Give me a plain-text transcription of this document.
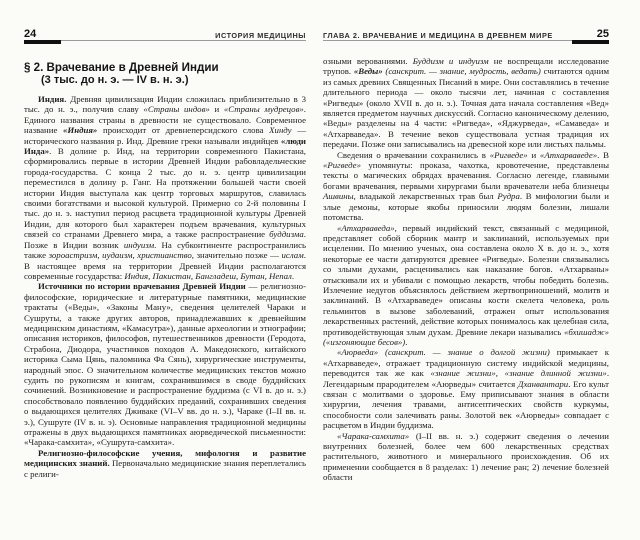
24	ИСТОРИЯ МЕДИЦИНЫ
§ 2. Врачевание в Древней Индии
(3 тыс. до н. э. — IV в. н. э.)

Индия. Древняя цивилизация Индии сложилась приблизительно в 3 тыс. до н. э., получив славу «Страны индов» и «Страны мудрецов». Единого названия страны в древности не существовало. Современное название «Индия» происходит от древнеперсидского слова Хинду — исторического названия р. Инд. Древние греки называли индийцев «люди Инда». В долине р. Инд, на территории современного Пакистана, сформировались первые в истории Древней Индии рабовладельческие города-государства. С конца 2 тыс. до н. э. центр цивилизации переместился в долину р. Ганг. На протяжении большей части своей истории Индия выступала как центр торговых маршрутов, славилась своими богатствами и высокой культурой. Примерно со 2-й половины I тыс. до н. э. наступил период расцвета традиционной культуры Древней Индии, для которого был характерен подъем врачевания, культурных связей со странами Древнего мира, а также распространение буддизма. Позже в Индии возник индуизм. На субконтиненте распространились также зороастризм, иудаизм, христианство, значительно позже — ислам. В настоящее время на территории Древней Индии располагаются современные государства: Индия, Пакистан, Бангладеш, Бутан, Непал.

Источники по истории врачевания Древней Индии — религиозно-философские, юридические и литературные памятники, медицинские трактаты («Веды», «Законы Ману», сведения целителей Чараки и Сушруты, а также других авторов, принадлежавших к древнейшим медицинским династиям, «Камасутра»), данные археологии и этнографии; описания историков, философов, путешественников древности (Геродота, Страбона, Диодора, участников походов А. Македонского, китайского историка Сыма Цянь, паломника Фа Сянь), хирургические инструменты, народный эпос. О значительном количестве медицинских текстов можно судить по рукописям и книгам, сохранившимся в своде буддийских сочинений. Возникновение и распространение буддизма (с VI в. до н. э.) способствовало появлению буддийских преданий, сохранивших сведения о выдающихся целителях Дживаке (VI–V вв. до н. э.), Чараке (I–II вв. н. э.), Сушруте (IV в. н. э). Основные направления традиционной медицины отражены в двух выдающихся памятниках аюрведической письменности: «Чарака-самхита», «Сушрута-самхита».

Религиозно-философские учения, мифология и развитие медицинских знаний. Первоначально медицинские знания переплетались с религи-

ГЛАВА 2. ВРАЧЕВАНИЕ И МЕДИЦИНА В ДРЕВНЕМ МИРЕ	25

озными верованиями. Буддизм и индуизм не воспрещали исследование трупов. «Веды» (санскрит. — знание, мудрость, ведать) считаются одним из самых древних Священных Писаний в мире. Они составлялись в течение длительного периода — около тысячи лет, начиная с составления «Ригведы» (около XVII в. до н. э.). Точная дата начала составления «Вед» является предметом научных дискуссий. Согласно каноническому делению, «Веды» разделены на 4 части: «Ригведа», «Яджурведа», «Самаведа» и «Атхарваведа». В течение веков существовала устная традиция их передачи. Позже они записывались на древесной коре или листьях пальмы.

Сведения о врачевании сохранились в «Ригведе» и «Атхарваведе». В «Ригведе» упомянуты: проказа, чахотка, кровотечение, представлены тексты о магических обрядах врачевания. Согласно легенде, главными богами врачевания, первыми хирургами были врачеватели неба близнецы Ашвины, владыкой лекарственных трав был Рудра. В мифологии были и злые демоны, которые якобы приносили людям болезни, лишали потомства.

«Атхарваведа», первый индийский текст, связанный с медициной, представляет собой сборник мантр и заклинаний, используемых при исцелении. По мнению ученых, она составлена около X в. до н. э., хотя некоторые ее части датируются древнее «Ригведы». Болезни связывались со злыми духами, расценивались как наказание богов. «Атхарваны» отыскивали их и убивали с помощью лекарств, чтобы победить болезнь. Излечение недугов объяснялось действием жертвоприношений, молитв и заклинаний. В «Атхарваведе» описаны кости скелета человека, роль гельминтов в вызове заболеваний, отражен опыт использования лекарственных растений, действие которых понималось как целебная сила, противодействующая злым духам. Древние лекари назывались «бхишадж» («изгоняющие бесов»).

«Аюрведа» (санскрит. — знание о долгой жизни) примыкает к «Атхарваведе», отражает традиционную систему индийской медицины, переводится так же как «знание жизни», «знание длинной жизни». Легендарным прародителем «Аюрведы» считается Дханвантари. Его культ связан с молитвами о здоровье. Ему приписывают знания в области хирургии, лечения травами, антисептических свойств куркумы, способности соли залечивать раны. Золотой век «Аюрведы» совпадает с расцветом в Индии буддизма.

«Чарака-самхита» (I–II вв. н. э.) содержит сведения о лечении внутренних болезней, более чем 600 лекарственных средствах растительного, животного и минерального происхождения. Об их применении сообщается в 8 разделах: 1) лечение ран; 2) лечение болезней области
